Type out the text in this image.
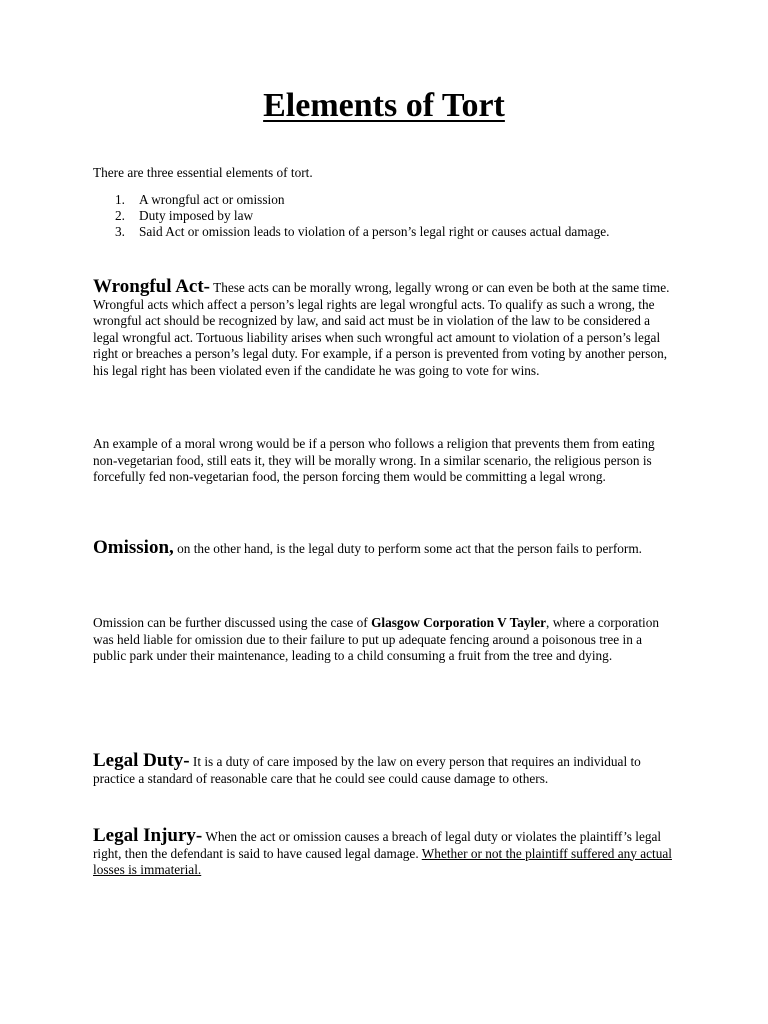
Elements of Tort

There are three essential elements of tort.

1. A wrongful act or omission
2. Duty imposed by law
3. Said Act or omission leads to violation of a person’s legal right or causes actual damage.

Wrongful Act- These acts can be morally wrong, legally wrong or can even be both at the same time. Wrongful acts which affect a person’s legal rights are legal wrongful acts. To qualify as such a wrong, the wrongful act should be recognized by law, and said act must be in violation of the law to be considered a legal wrongful act. Tortuous liability arises when such wrongful act amount to violation of a person’s legal right or breaches a person’s legal duty. For example, if a person is prevented from voting by another person, his legal right has been violated even if the candidate he was going to vote for wins.

An example of a moral wrong would be if a person who follows a religion that prevents them from eating non-vegetarian food, still eats it, they will be morally wrong. In a similar scenario, the religious person is forcefully fed non-vegetarian food, the person forcing them would be committing a legal wrong.

Omission, on the other hand, is the legal duty to perform some act that the person fails to perform.

Omission can be further discussed using the case of Glasgow Corporation V Tayler, where a corporation was held liable for omission due to their failure to put up adequate fencing around a poisonous tree in a public park under their maintenance, leading to a child consuming a fruit from the tree and dying.

Legal Duty- It is a duty of care imposed by the law on every person that requires an individual to practice a standard of reasonable care that he could see could cause damage to others.

Legal Injury- When the act or omission causes a breach of legal duty or violates the plaintiff’s legal right, then the defendant is said to have caused legal damage. Whether or not the plaintiff suffered any actual losses is immaterial.
